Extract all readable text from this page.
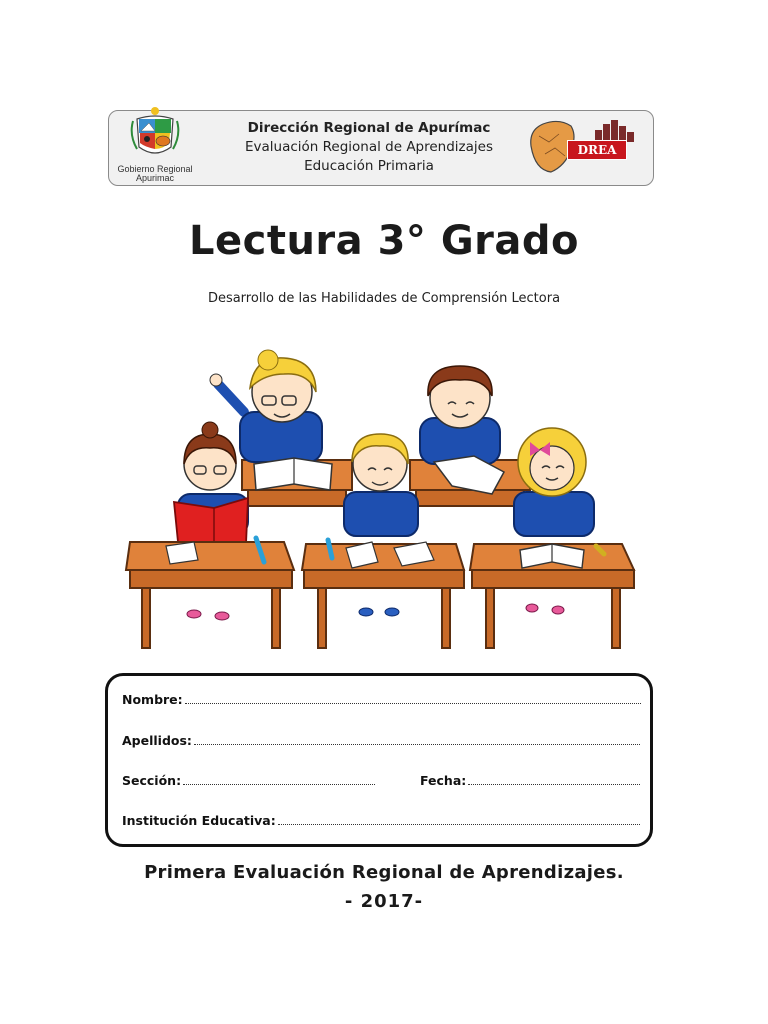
Gobierno Regional
Apurimac
Dirección Regional de Apurímac
Evaluación Regional de Aprendizajes
Educación Primaria
DREA
Lectura 3° Grado
Desarrollo de las Habilidades de Comprensión Lectora
Nombre:
Apellidos:
Sección:	Fecha:
Institución Educativa:
Primera Evaluación Regional de Aprendizajes.
- 2017-
